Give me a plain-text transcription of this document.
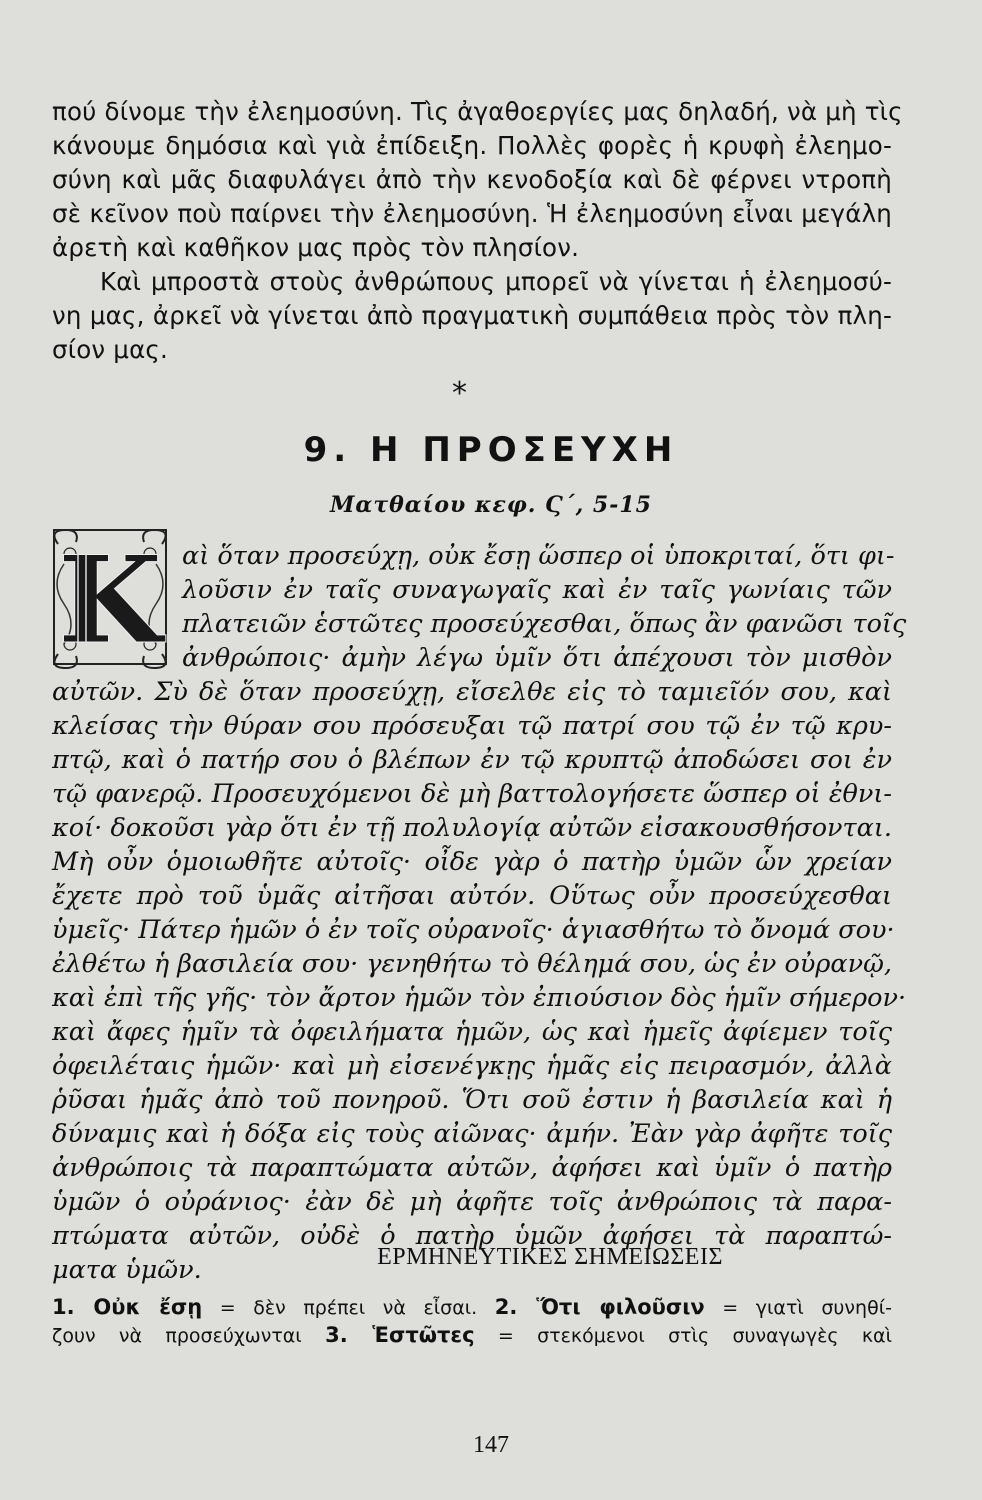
πού δίνομε τὴν ἐλεημοσύνη. Τὶς ἀγαθοεργίες μας δηλαδή, νὰ μὴ τὶς
κάνουμε δημόσια καὶ γιὰ ἐπίδειξη. Πολλὲς φορὲς ἡ κρυφὴ ἐλεημο-
σύνη καὶ μᾶς διαφυλάγει ἀπὸ τὴν κενοδοξία καὶ δὲ φέρνει ντροπὴ
σὲ κεῖνον ποὺ παίρνει τὴν ἐλεημοσύνη. Ἡ ἐλεημοσύνη εἶναι μεγάλη
ἀρετὴ καὶ καθῆκον μας πρὸς τὸν πλησίον.
Καὶ μπροστὰ στοὺς ἀνθρώπους μπορεῖ νὰ γίνεται ἡ ἐλεημοσύ-
νη μας, ἀρκεῖ νὰ γίνεται ἀπὸ πραγματικὴ συμπάθεια πρὸς τὸν πλη-
σίον μας.
*
9. Η ΠΡΟΣΕΥΧΗ
Ματθαίου κεφ. Ϛ΄, 5-15
K αὶ ὅταν προσεύχῃ, οὐκ ἔσῃ ὥσπερ οἱ ὑποκριταί, ὅτι φι-
λοῦσιν ἐν ταῖς συναγωγαῖς καὶ ἐν ταῖς γωνίαις τῶν
πλατειῶν ἑστῶτες προσεύχεσθαι, ὅπως ἂν φανῶσι τοῖς
ἀνθρώποις· ἀμὴν λέγω ὑμῖν ὅτι ἀπέχουσι τὸν μισθὸν
αὐτῶν. Σὺ δὲ ὅταν προσεύχῃ, εἴσελθε εἰς τὸ ταμιεῖόν σου, καὶ
κλείσας τὴν θύραν σου πρόσευξαι τῷ πατρί σου τῷ ἐν τῷ κρυ-
πτῷ, καὶ ὁ πατήρ σου ὁ βλέπων ἐν τῷ κρυπτῷ ἀποδώσει σοι ἐν
τῷ φανερῷ. Προσευχόμενοι δὲ μὴ βαττολογήσετε ὥσπερ οἱ ἐθνι-
κοί· δοκοῦσι γὰρ ὅτι ἐν τῇ πολυλογίᾳ αὐτῶν εἰσακουσθήσονται.
Μὴ οὖν ὁμοιωθῆτε αὐτοῖς· οἶδε γὰρ ὁ πατὴρ ὑμῶν ὧν χρείαν
ἔχετε πρὸ τοῦ ὑμᾶς αἰτῆσαι αὐτόν. Οὕτως οὖν προσεύχεσθαι
ὑμεῖς· Πάτερ ἡμῶν ὁ ἐν τοῖς οὐρανοῖς· ἁγιασθήτω τὸ ὄνομά σου·
ἐλθέτω ἡ βασιλεία σου· γενηθήτω τὸ θέλημά σου, ὡς ἐν οὐρανῷ,
καὶ ἐπὶ τῆς γῆς· τὸν ἄρτον ἡμῶν τὸν ἐπιούσιον δὸς ἡμῖν σήμερον·
καὶ ἄφες ἡμῖν τὰ ὀφειλήματα ἡμῶν, ὡς καὶ ἡμεῖς ἀφίεμεν τοῖς
ὀφειλέταις ἡμῶν· καὶ μὴ εἰσενέγκῃς ἡμᾶς εἰς πειρασμόν, ἀλλὰ
ῥῦσαι ἡμᾶς ἀπὸ τοῦ πονηροῦ. Ὅτι σοῦ ἐστιν ἡ βασιλεία καὶ ἡ
δύναμις καὶ ἡ δόξα εἰς τοὺς αἰῶνας· ἀμήν. Ἐὰν γὰρ ἀφῆτε τοῖς
ἀνθρώποις τὰ παραπτώματα αὐτῶν, ἀφήσει καὶ ὑμῖν ὁ πατὴρ
ὑμῶν ὁ οὐράνιος· ἐὰν δὲ μὴ ἀφῆτε τοῖς ἀνθρώποις τὰ παρα-
πτώματα αὐτῶν, οὐδὲ ὁ πατὴρ ὑμῶν ἀφήσει τὰ παραπτώ-
ματα ὑμῶν.	ΕΡΜΗΝΕΥΤΙΚΕΣ ΣΗΜΕΙΩΣΕΙΣ
1. Οὐκ ἔσῃ = δὲν πρέπει νὰ εἶσαι. 2. Ὅτι φιλοῦσιν = γιατὶ συνηθί-
ζουν νὰ προσεύχωνται 3. Ἑστῶτες = στεκόμενοι στὶς συναγωγὲς καὶ
147
